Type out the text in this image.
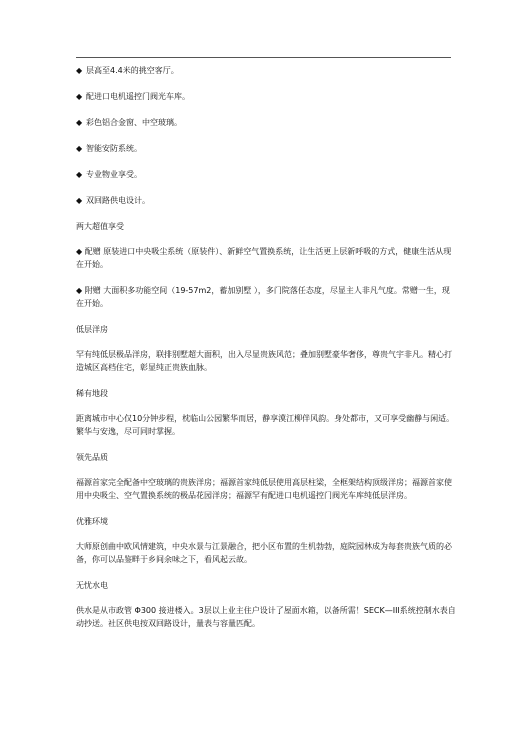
◆ 层高至4.4米的挑空客厅。
◆ 配进口电机遥控门阀光车库。
◆ 彩色铝合金窗、中空玻璃。
◆ 智能安防系统。
◆ 专业物业享受。
◆ 双回路供电设计。
两大超值享受
◆ 配赠 原装进口中央吸尘系统（原装件）、新鲜空气置换系统，让生活更上层新呼吸的方式，健康生活从现在开始。
◆ 附赠 大面积多功能空间（19-57m2，蓄加别墅 ），多门院落任态度，尽显主人非凡气度。常赠一生，现在开始。
低层洋房
罕有纯低层极品洋房，联排别墅超大面积，出入尽显贵族风范；叠加别墅豪华奢侈，尊贵气宇非凡。精心打造城区高档住宅，彰显纯正贵族血脉。
稀有地段
距离城市中心仅10分钟步程，枕临山公园繁华而居，静享漠江柳伴风韵。身处都市，又可享受幽静与闲适。繁华与安逸，尽可同时掌握。
领先品质
福源首家完全配备中空玻璃的贵族洋房；福源首家纯低层使用高层柱梁，全框架结构顶级洋房；福源首家使用中央吸尘、空气置换系统的极品花园洋房；福源罕有配进口电机遥控门阀光车库纯低层洋房。
优雅环境
大师原创曲中欧风情建筑，中央水景与江景融合，把小区布置的生机勃勃，庭院园林成为每套贵族气质的必备，你可以品鉴畔于乡间余味之下，看风起云故。
无忧水电
供水是从市政管 Φ300 接进楼入。3层以上业主住户设计了屋面水箱，以备所需！SECK—III系统控制水表自动抄送。社区供电按双回路设计，量表与容量匹配。
